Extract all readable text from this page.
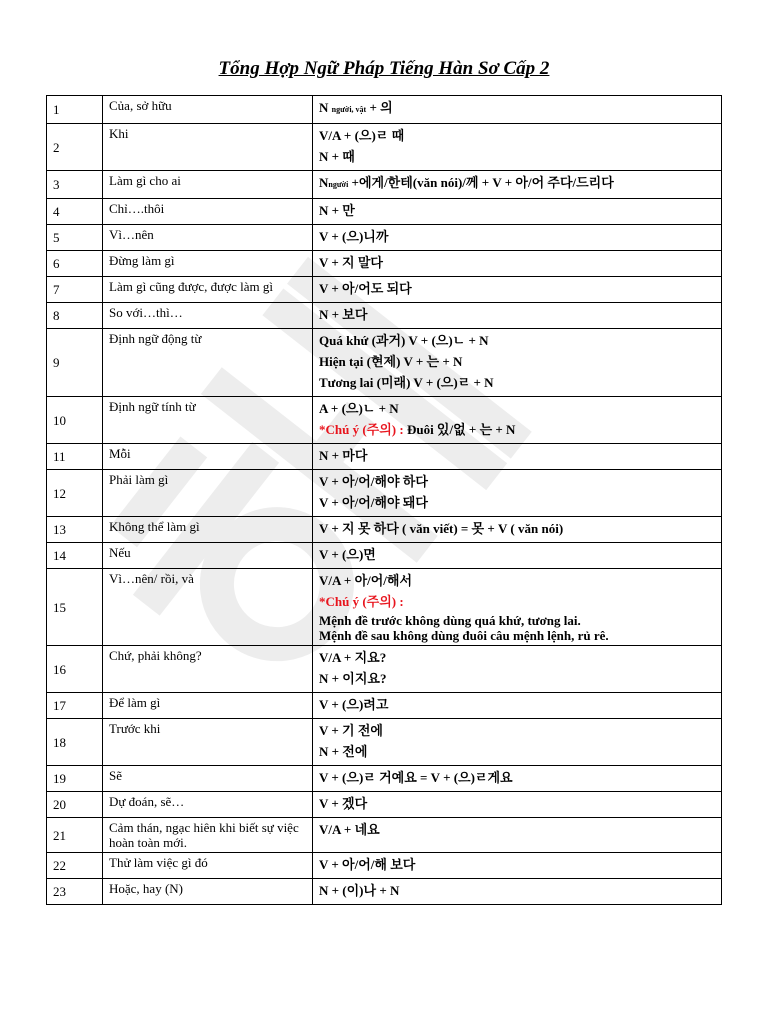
Tổng Hợp Ngữ Pháp Tiếng Hàn Sơ Cấp 2
1	Của, sở hữu	N người, vật + 의

2	Khi	V/A + (으)ㄹ 때
N + 때

3	Làm gì cho ai	Nngười +에게/한테(văn nói)/께 + V + 아/어 주다/드리다

4	Chỉ….thôi	N + 만

5	Vì…nên	V + (으)니까

6	Đừng làm gì	V + 지 말다

7	Làm gì cũng được, được làm gì	V + 아/어도 되다

8	So với…thì…	N + 보다

9	Định ngữ động từ	Quá khứ (과거) V + (으)ㄴ + N
Hiện tại (현제) V + 는 + N
Tương lai (미래) V + (으)ㄹ + N

10	Định ngữ tính từ	A + (으)ㄴ + N
*Chú ý (주의) : Đuôi 있/없 + 는 + N

11	Mỗi	N + 마다

12	Phải làm gì	V + 아/어/해야 하다
V + 아/어/해야 돼다

13	Không thể làm gì	V + 지 못 하다 ( văn viết) = 못 + V ( văn nói)

14	Nếu	V + (으)면

15	Vì…nên/ rồi, và	V/A + 아/어/해서
*Chú ý (주의) :
Mệnh đề trước không dùng quá khứ, tương lai.
Mệnh đề sau không dùng đuôi câu mệnh lệnh, rủ rê.

16	Chứ, phải không?	V/A + 지요?
N + 이지요?

17	Để làm gì	V + (으)려고

18	Trước khi	V + 기 전에
N + 전에

19	Sẽ	V + (으)ㄹ 거예요 = V + (으)ㄹ게요

20	Dự đoán, sẽ…	V + 겠다

21	Cảm thán, ngạc hiên khi biết sự việc hoàn toàn mới.	V/A + 네요

22	Thử làm việc gì đó	V + 아/어/해 보다

23	Hoặc, hay (N)	N + (이)나 + N
